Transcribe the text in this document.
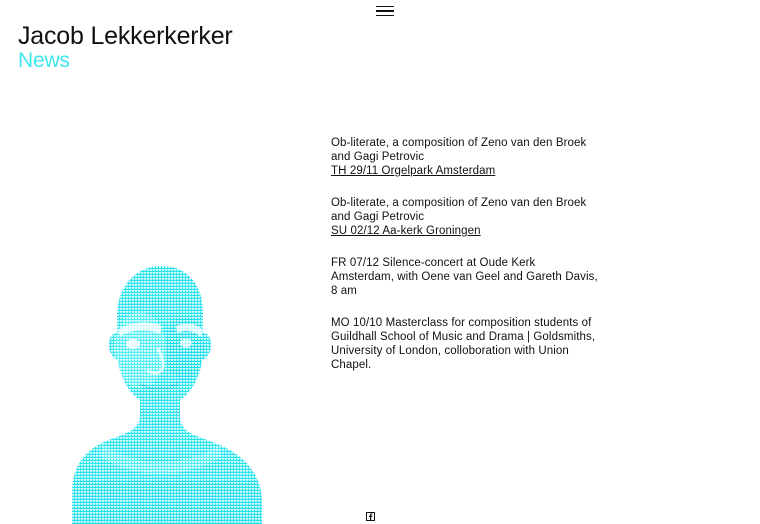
Jacob Lekkerkerker
News
Ob-literate, a composition of Zeno van den Broek and Gagi Petrovic
TH 29/11 Orgelpark Amsterdam
Ob-literate, a composition of Zeno van den Broek and Gagi Petrovic
SU 02/12 Aa-kerk Groningen
FR 07/12 Silence-concert at Oude Kerk Amsterdam, with Oene van Geel and Gareth Davis, 8 am
MO 10/10 Masterclass for composition students of Guildhall School of Music and Drama | Goldsmiths, University of London, colloboration with Union Chapel.
